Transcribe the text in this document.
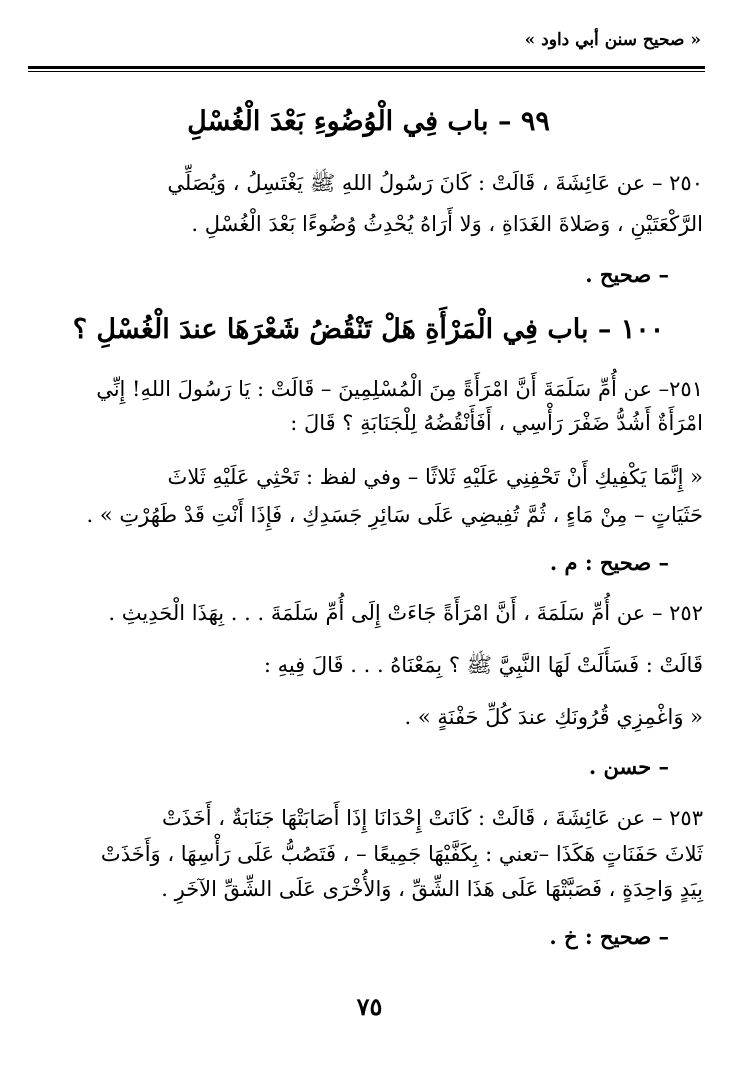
« صحيح سنن أبي داود »
٩٩ – باب فِي الْوُضُوءِ بَعْدَ الْغُسْلِ
٢٥٠ – عن عَائِشَةَ ، قَالَتْ : كَانَ رَسُولُ اللهِ ﷺ يَغْتَسِلُ ، وَيُصَلِّي
الرَّكْعَتَيْنِ ، وَصَلاةَ الغَدَاةِ ، وَلا أَرَاهُ يُحْدِثُ وُضُوءًا بَعْدَ الْغُسْلِ .
– صحيح .
١٠٠ – باب فِي الْمَرْأَةِ هَلْ تَنْقُضُ شَعْرَهَا عندَ الْغُسْلِ ؟
٢٥١– عن أُمِّ سَلَمَةَ أَنَّ امْرَأَةً مِنَ الْمُسْلِمِينَ – قَالَتْ : يَا رَسُولَ اللهِ! إِنِّي
امْرَأَةٌ أَشُدُّ ضَفْرَ رَأْسِي ، أَفَأَنْقُضُهُ لِلْجَنَابَةِ ؟ قَالَ :
« إِنَّمَا يَكْفِيكِ أَنْ تَحْفِنِي عَلَيْهِ ثَلاثًا – وفي لفظ : تَحْثِي عَلَيْهِ ثَلاثَ
حَثَيَاتٍ – مِنْ مَاءٍ ، ثُمَّ تُفِيضِي عَلَى سَائِرِ جَسَدِكِ ، فَإِذَا أَنْتِ قَدْ طَهُرْتِ » .
– صحيح : م .
٢٥٢ – عن أُمِّ سَلَمَةَ ، أَنَّ امْرَأَةً جَاءَتْ إِلَى أُمِّ سَلَمَةَ . . . بِهَذَا الْحَدِيثِ .
قَالَتْ : فَسَأَلَتْ لَهَا النَّبِيَّ ﷺ ؟ بِمَعْنَاهُ . . . قَالَ فِيهِ :
« وَاغْمِزِي قُرُونَكِ عندَ كُلِّ حَفْنَةٍ » .
– حسن .
٢٥٣ – عن عَائِشَةَ ، قَالَتْ : كَانَتْ إِحْدَانَا إِذَا أَصَابَتْهَا جَنَابَةٌ ، أَخَذَتْ
ثَلاثَ حَفَنَاتٍ هَكَذَا –تعني : بِكَفَّيْهَا جَمِيعًا – ، فَتَصُبُّ عَلَى رَأْسِهَا ، وَأَخَذَتْ
بِيَدٍ وَاحِدَةٍ ، فَصَبَّتْهَا عَلَى هَذَا الشِّقِّ ، وَالأُخْرَى عَلَى الشِّقِّ الآخَرِ .
– صحيح : خ .
٧٥
